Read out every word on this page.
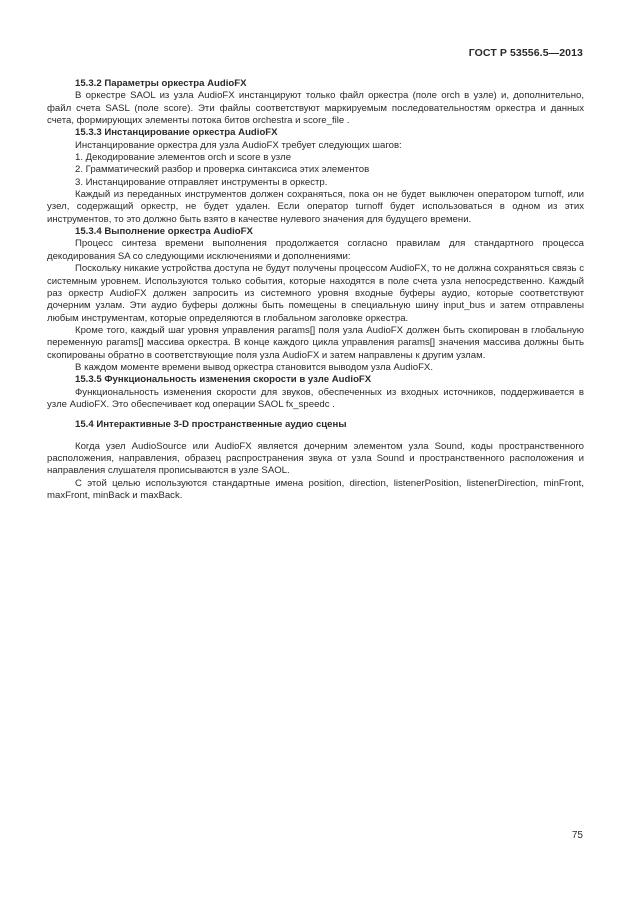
ГОСТ Р 53556.5—2013

15.3.2 Параметры оркестра AudioFX

В оркестре SAOL из узла AudioFX инстанцируют только файл оркестра (поле orch в узле) и, дополнительно, файл счета SASL (поле score). Эти файлы соответствуют маркируемым последовательностям оркестра и данных счета, формирующих элементы потока битов orchestra и score_file .

15.3.3 Инстанцирование оркестра AudioFX

Инстанцирование оркестра для узла AudioFX требует следующих шагов:

1. Декодирование элементов orch и score в узле

2. Грамматический разбор и проверка синтаксиса этих элементов

3. Инстанцирование отправляет инструменты в оркестр.

Каждый из переданных инструментов должен сохраняться, пока он не будет выключен оператором turnoff, или узел, содержащий оркестр, не будет удален. Если оператор turnoff будет использоваться в одном из этих инструментов, то это должно быть взято в качестве нулевого значения для будущего времени.

15.3.4 Выполнение оркестра AudioFX

Процесс синтеза времени выполнения продолжается согласно правилам для стандартного процесса декодирования SA со следующими исключениями и дополнениями:

Поскольку никакие устройства доступа не будут получены процессом AudioFX, то не должна сохраняться связь с системным уровнем. Используются только события, которые находятся в поле счета узла непосредственно. Каждый раз оркестр AudioFX должен запросить из системного уровня входные буферы аудио, которые соответствуют дочерним узлам. Эти аудио буферы должны быть помещены в специальную шину input_bus и затем отправлены любым инструментам, которые определяются в глобальном заголовке оркестра.

Кроме того, каждый шаг уровня управления params[] поля узла AudioFX должен быть скопирован в глобальную переменную params[] массива оркестра. В конце каждого цикла управления params[] значения массива должны быть скопированы обратно в соответствующие поля узла AudioFX и затем направлены к другим узлам.

В каждом моменте времени вывод оркестра становится выводом узла AudioFX.

15.3.5 Функциональность изменения скорости в узле AudioFX

Функциональность изменения скорости для звуков, обеспеченных из входных источников, поддерживается в узле AudioFX. Это обеспечивает код операции SAOL fx_speedc .

15.4 Интерактивные 3-D пространственные аудио сцены

Когда узел AudioSource или AudioFX является дочерним элементом узла Sound, коды пространственного расположения, направления, образец распространения звука от узла Sound и пространственного расположения и направления слушателя прописываются в узле SAOL.

С этой целью используются стандартные имена position, direction, listenerPosition, listenerDirection, minFront, maxFront, minBack и maxBack.

75
